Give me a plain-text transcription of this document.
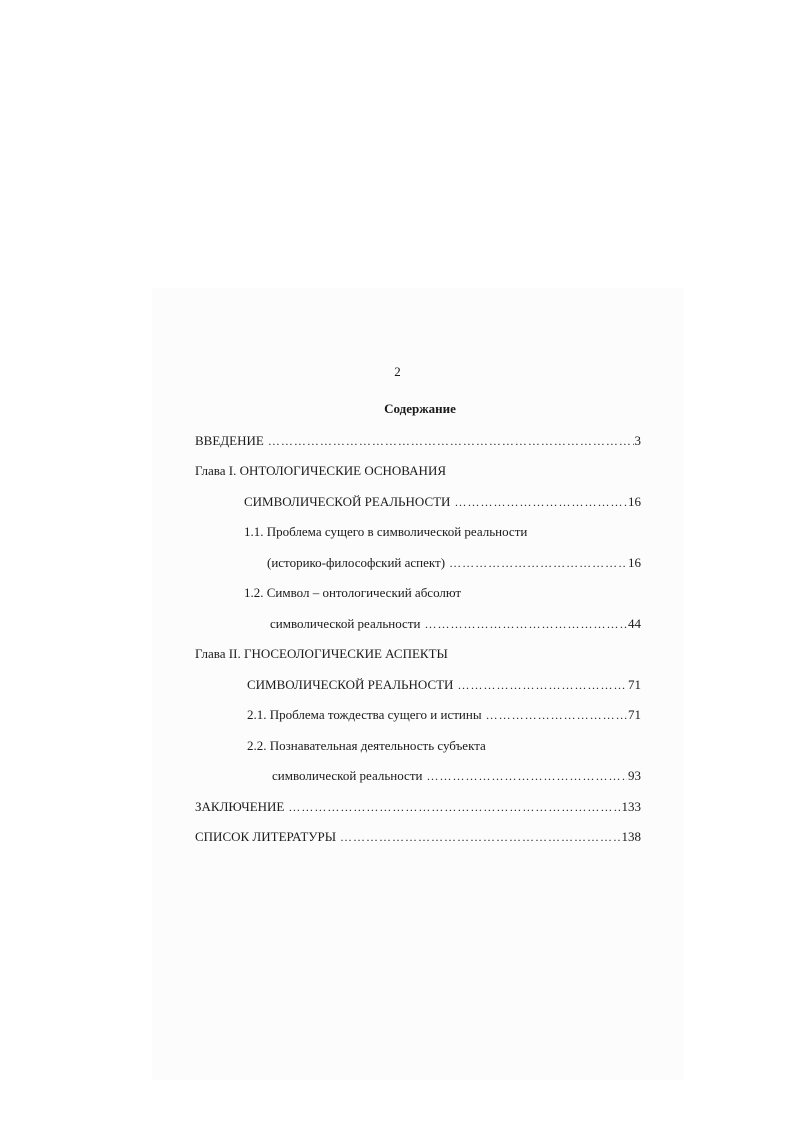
2
Содержание
ВВЕДЕНИЕ …………………………………………………………………………………………………………………………………………………………………………………………………	3
Глава I. ОНТОЛОГИЧЕСКИЕ ОСНОВАНИЯ
СИМВОЛИЧЕСКОЙ РЕАЛЬНОСТИ …………………………………………………………………………………………………………………………………………………………………………………………………	16
1.1. Проблема сущего в символической реальности
(историко-философский аспект) …………………………………………………………………………………………………………………………………………………………………………………………………	16
1.2. Символ – онтологический абсолют
символической реальности …………………………………………………………………………………………………………………………………………………………………………………………………	44
Глава II. ГНОСЕОЛОГИЧЕСКИЕ АСПЕКТЫ
СИМВОЛИЧЕСКОЙ РЕАЛЬНОСТИ …………………………………………………………………………………………………………………………………………………………………………………………………	71
2.1. Проблема тождества сущего и истины …………………………………………………………………………………………………………………………………………………………………………………………………	71
2.2. Познавательная деятельность субъекта
символической реальности …………………………………………………………………………………………………………………………………………………………………………………………………	93
ЗАКЛЮЧЕНИЕ …………………………………………………………………………………………………………………………………………………………………………………………………	133
СПИСОК ЛИТЕРАТУРЫ …………………………………………………………………………………………………………………………………………………………………………………………………	138
